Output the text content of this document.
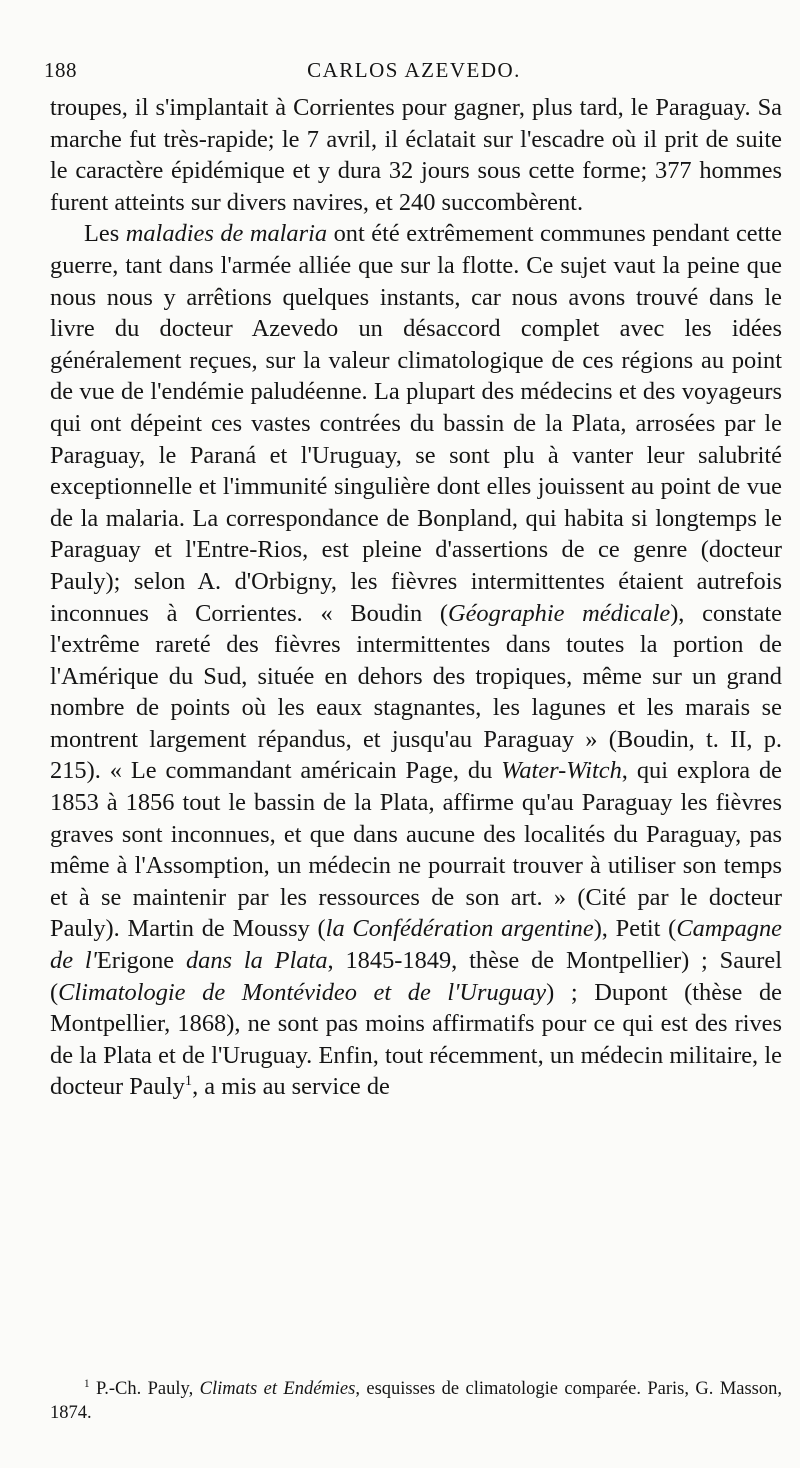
188	CARLOS AZEVEDO.

troupes, il s'implantait à Corrientes pour gagner, plus tard, le Paraguay. Sa marche fut très-rapide; le 7 avril, il éclatait sur l'escadre où il prit de suite le caractère épidémique et y dura 32 jours sous cette forme; 377 hommes furent atteints sur divers navires, et 240 succombèrent.

Les maladies de malaria ont été extrêmement communes pendant cette guerre, tant dans l'armée alliée que sur la flotte. Ce sujet vaut la peine que nous nous y arrêtions quelques instants, car nous avons trouvé dans le livre du docteur Azevedo un désaccord complet avec les idées généralement reçues, sur la valeur climatologique de ces régions au point de vue de l'endémie paludéenne. La plupart des médecins et des voyageurs qui ont dépeint ces vastes contrées du bassin de la Plata, arrosées par le Paraguay, le Paraná et l'Uruguay, se sont plu à vanter leur salubrité exceptionnelle et l'immunité singulière dont elles jouissent au point de vue de la malaria. La correspondance de Bonpland, qui habita si longtemps le Paraguay et l'Entre-Rios, est pleine d'assertions de ce genre (docteur Pauly); selon A. d'Orbigny, les fièvres intermittentes étaient autrefois inconnues à Corrientes. « Boudin (Géographie médicale), constate l'extrême rareté des fièvres intermittentes dans toutes la portion de l'Amérique du Sud, située en dehors des tropiques, même sur un grand nombre de points où les eaux stagnantes, les lagunes et les marais se montrent largement répandus, et jusqu'au Paraguay » (Boudin, t. II, p. 215). « Le commandant américain Page, du Water-Witch, qui explora de 1853 à 1856 tout le bassin de la Plata, affirme qu'au Paraguay les fièvres graves sont inconnues, et que dans aucune des localités du Paraguay, pas même à l'Assomption, un médecin ne pourrait trouver à utiliser son temps et à se maintenir par les ressources de son art. » (Cité par le docteur Pauly). Martin de Moussy (la Confédération argentine), Petit (Campagne de l'Erigone dans la Plata, 1845-1849, thèse de Montpellier) ; Saurel (Climatologie de Montévideo et de l'Uruguay) ; Dupont (thèse de Montpellier, 1868), ne sont pas moins affirmatifs pour ce qui est des rives de la Plata et de l'Uruguay. Enfin, tout récemment, un médecin militaire, le docteur Pauly$^1$, a mis au service de

$^1$ P.-Ch. Pauly, Climats et Endémies, esquisses de climatologie comparée. Paris, G. Masson, 1874.
